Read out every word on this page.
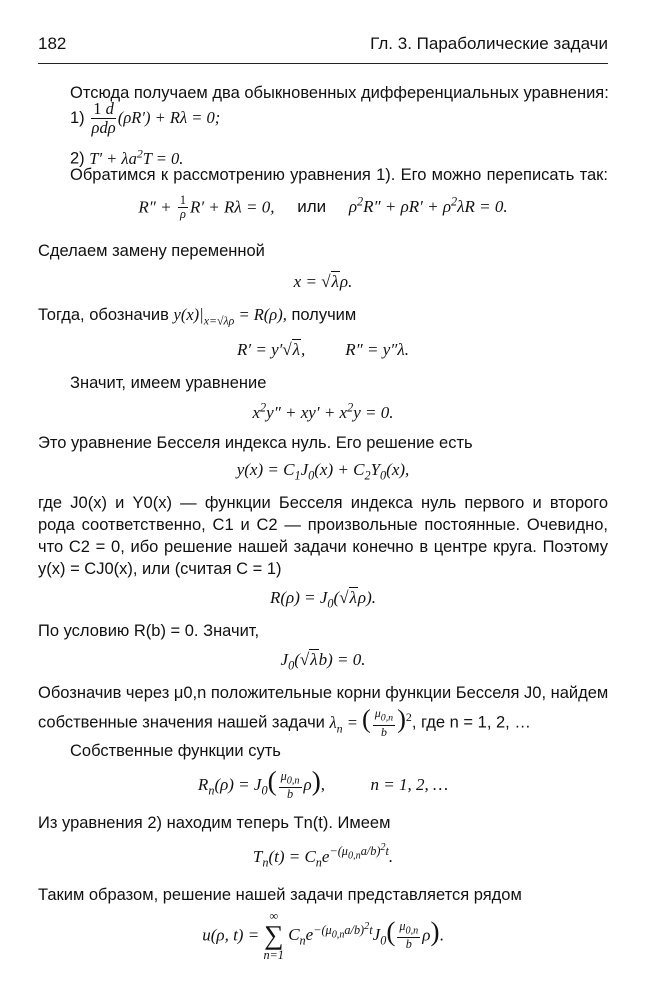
182	Гл. 3. Параболические задачи
Отсюда получаем два обыкновенных дифференциальных уравнения:
$1) \frac{1 d}{\text{ρdρ}} (\rho R') + R\lambda = 0$;
2) $T' + \lambda a^2T = 0$.
Обратимся к рассмотрению уравнения 1). Его можно переписать так:
$R'' + \frac{1}{\rho} R' + R\lambda = 0$, или $\rho^2R'' + \rho R' + \rho^2\lambda R = 0$.
Сделаем замену переменной
x = √λρ.
Тогда, обозначив $y(x)|_{x=√\lambda\rho} = R(\rho)$, получим
R′ = y′√λ, R″ = y″λ.
Значит, имеем уравнение
$x^2y'' + xy' + x^2y = 0$.
Это уравнение Бесселя индекса нуль. Его решение есть
$y(x) = C_1J_0(x) + C_2Y_0(x)$,
где J0(x) и Y0(x) — функции Бесселя индекса нуль первого и второго
рода соответственно, C1 и C2 — произвольные постоянные. Очевидно,
что C2 = 0, ибо решение нашей задачи конечно в центре круга. Поэтому
y(x) = CJ0(x), или (считая C = 1)
$R(\rho) = J_0(√\lambda\rho)$.
По условию R(b) = 0. Значит,
$J_0(√\lambda b) = 0$.
Обозначив через μ0,n положительные корни функции Бесселя J0, найдем
собственные значения нашей задачи $\lambda_n$ = ( $\frac{\mu_{0,n}}{b} )^2$, где n = 1, 2, …
Собственные функции суть
$R_n(\rho) = J_0( \frac{\mu_{0,n}}{b} \rho)$,	n = 1, 2, …
Из уравнения 2) находим теперь Tn(t). Имеем
$T_n(t) = C_ne^{-(\mu_{0,n}a/b)^2t}$.
Таким образом, решение нашей задачи представляется рядом
u(ρ, t) =
∞
∑
n=1
$C_ne^{-(\mu_{0,n}a/b)^2t}J_0( \frac{\mu_{0,n}}{b} \rho)$.
